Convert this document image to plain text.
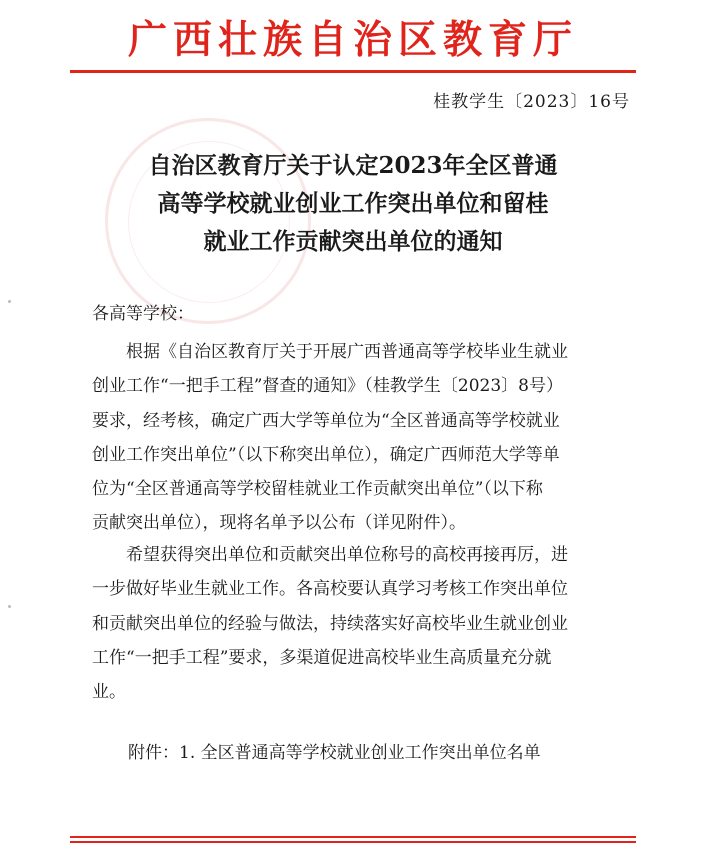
广西壮族自治区教育厅
桂教学生〔2023〕16号
自治区教育厅关于认定2023年全区普通
高等学校就业创业工作突出单位和留桂
就业工作贡献突出单位的通知
各高等学校：
根据《自治区教育厅关于开展广西普通高等学校毕业生就业
创业工作“一把手工程”督查的通知》（桂教学生〔2023〕8号）
要求，经考核，确定广西大学等单位为“全区普通高等学校就业
创业工作突出单位”（以下称突出单位），确定广西师范大学等单
位为“全区普通高等学校留桂就业工作贡献突出单位”（以下称
贡献突出单位），现将名单予以公布（详见附件）。
希望获得突出单位和贡献突出单位称号的高校再接再厉，进
一步做好毕业生就业工作。各高校要认真学习考核工作突出单位
和贡献突出单位的经验与做法，持续落实好高校毕业生就业创业
工作“一把手工程”要求，多渠道促进高校毕业生高质量充分就
业。
附件：1. 全区普通高等学校就业创业工作突出单位名单
